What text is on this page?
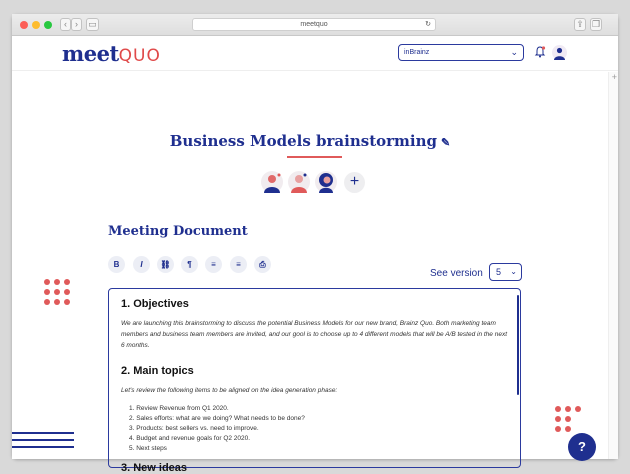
‹ ›	▭	meetquo	↻	⇪ ❐
meetQUO	inBrainz	⌄
+
Business Models brainstorming ✎
+
Meeting Document
B	I	⛓	¶	≡	≡	⎙
See version	5 ⌄
1. Objectives
We are launching this brainstorming to discuss the potential Business Models for our new brand, Brainz Quo. Both marketing team members and business team members are invited, and our gool is to choose up to 4 different models that will be A/B tested in the next 6 months.
2. Main topics
Let's review the following items to be aligned on the idea generation phase:
1. Review Revenue from Q1 2020.
2. Sales efforts: what are we doing? What needs to be done?
3. Products: best sellers vs. need to improve.
4. Budget and revenue goals for Q2 2020.
5. Next steps
3. New ideas
?
